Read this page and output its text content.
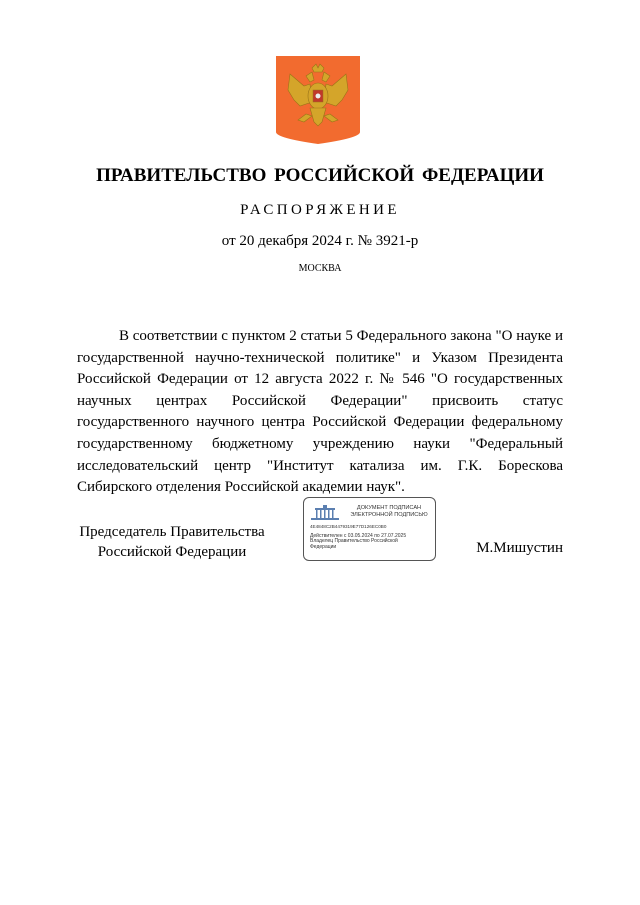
ПРАВИТЕЛЬСТВО РОССИЙСКОЙ ФЕДЕРАЦИИ
РАСПОРЯЖЕНИЕ
от 20 декабря 2024 г. № 3921-р
МОСКВА
В соответствии с пунктом 2 статьи 5 Федерального закона "О науке и государственной научно-технической политике" и Указом Президента Российской Федерации от 12 августа 2022 г. № 546 "О государственных научных центрах Российской Федерации" присвоить статус государственного научного центра Российской Федерации федеральному государственному бюджетному учреждению науки "Федеральный исследовательский центр "Институт катализа им. Г.К. Борескова Сибирского отделения Российской академии наук".
Председатель Правительства
Российской Федерации
ДОКУМЕНТ ПОДПИСАН
ЭЛЕКТРОННОЙ ПОДПИСЬЮ
4E4848C2B4479319E77D126EC0B0
Действителен с 03.05.2024 по 27.07.2025
Владелец Правительство Российской
Федерации	М.Мишустин
